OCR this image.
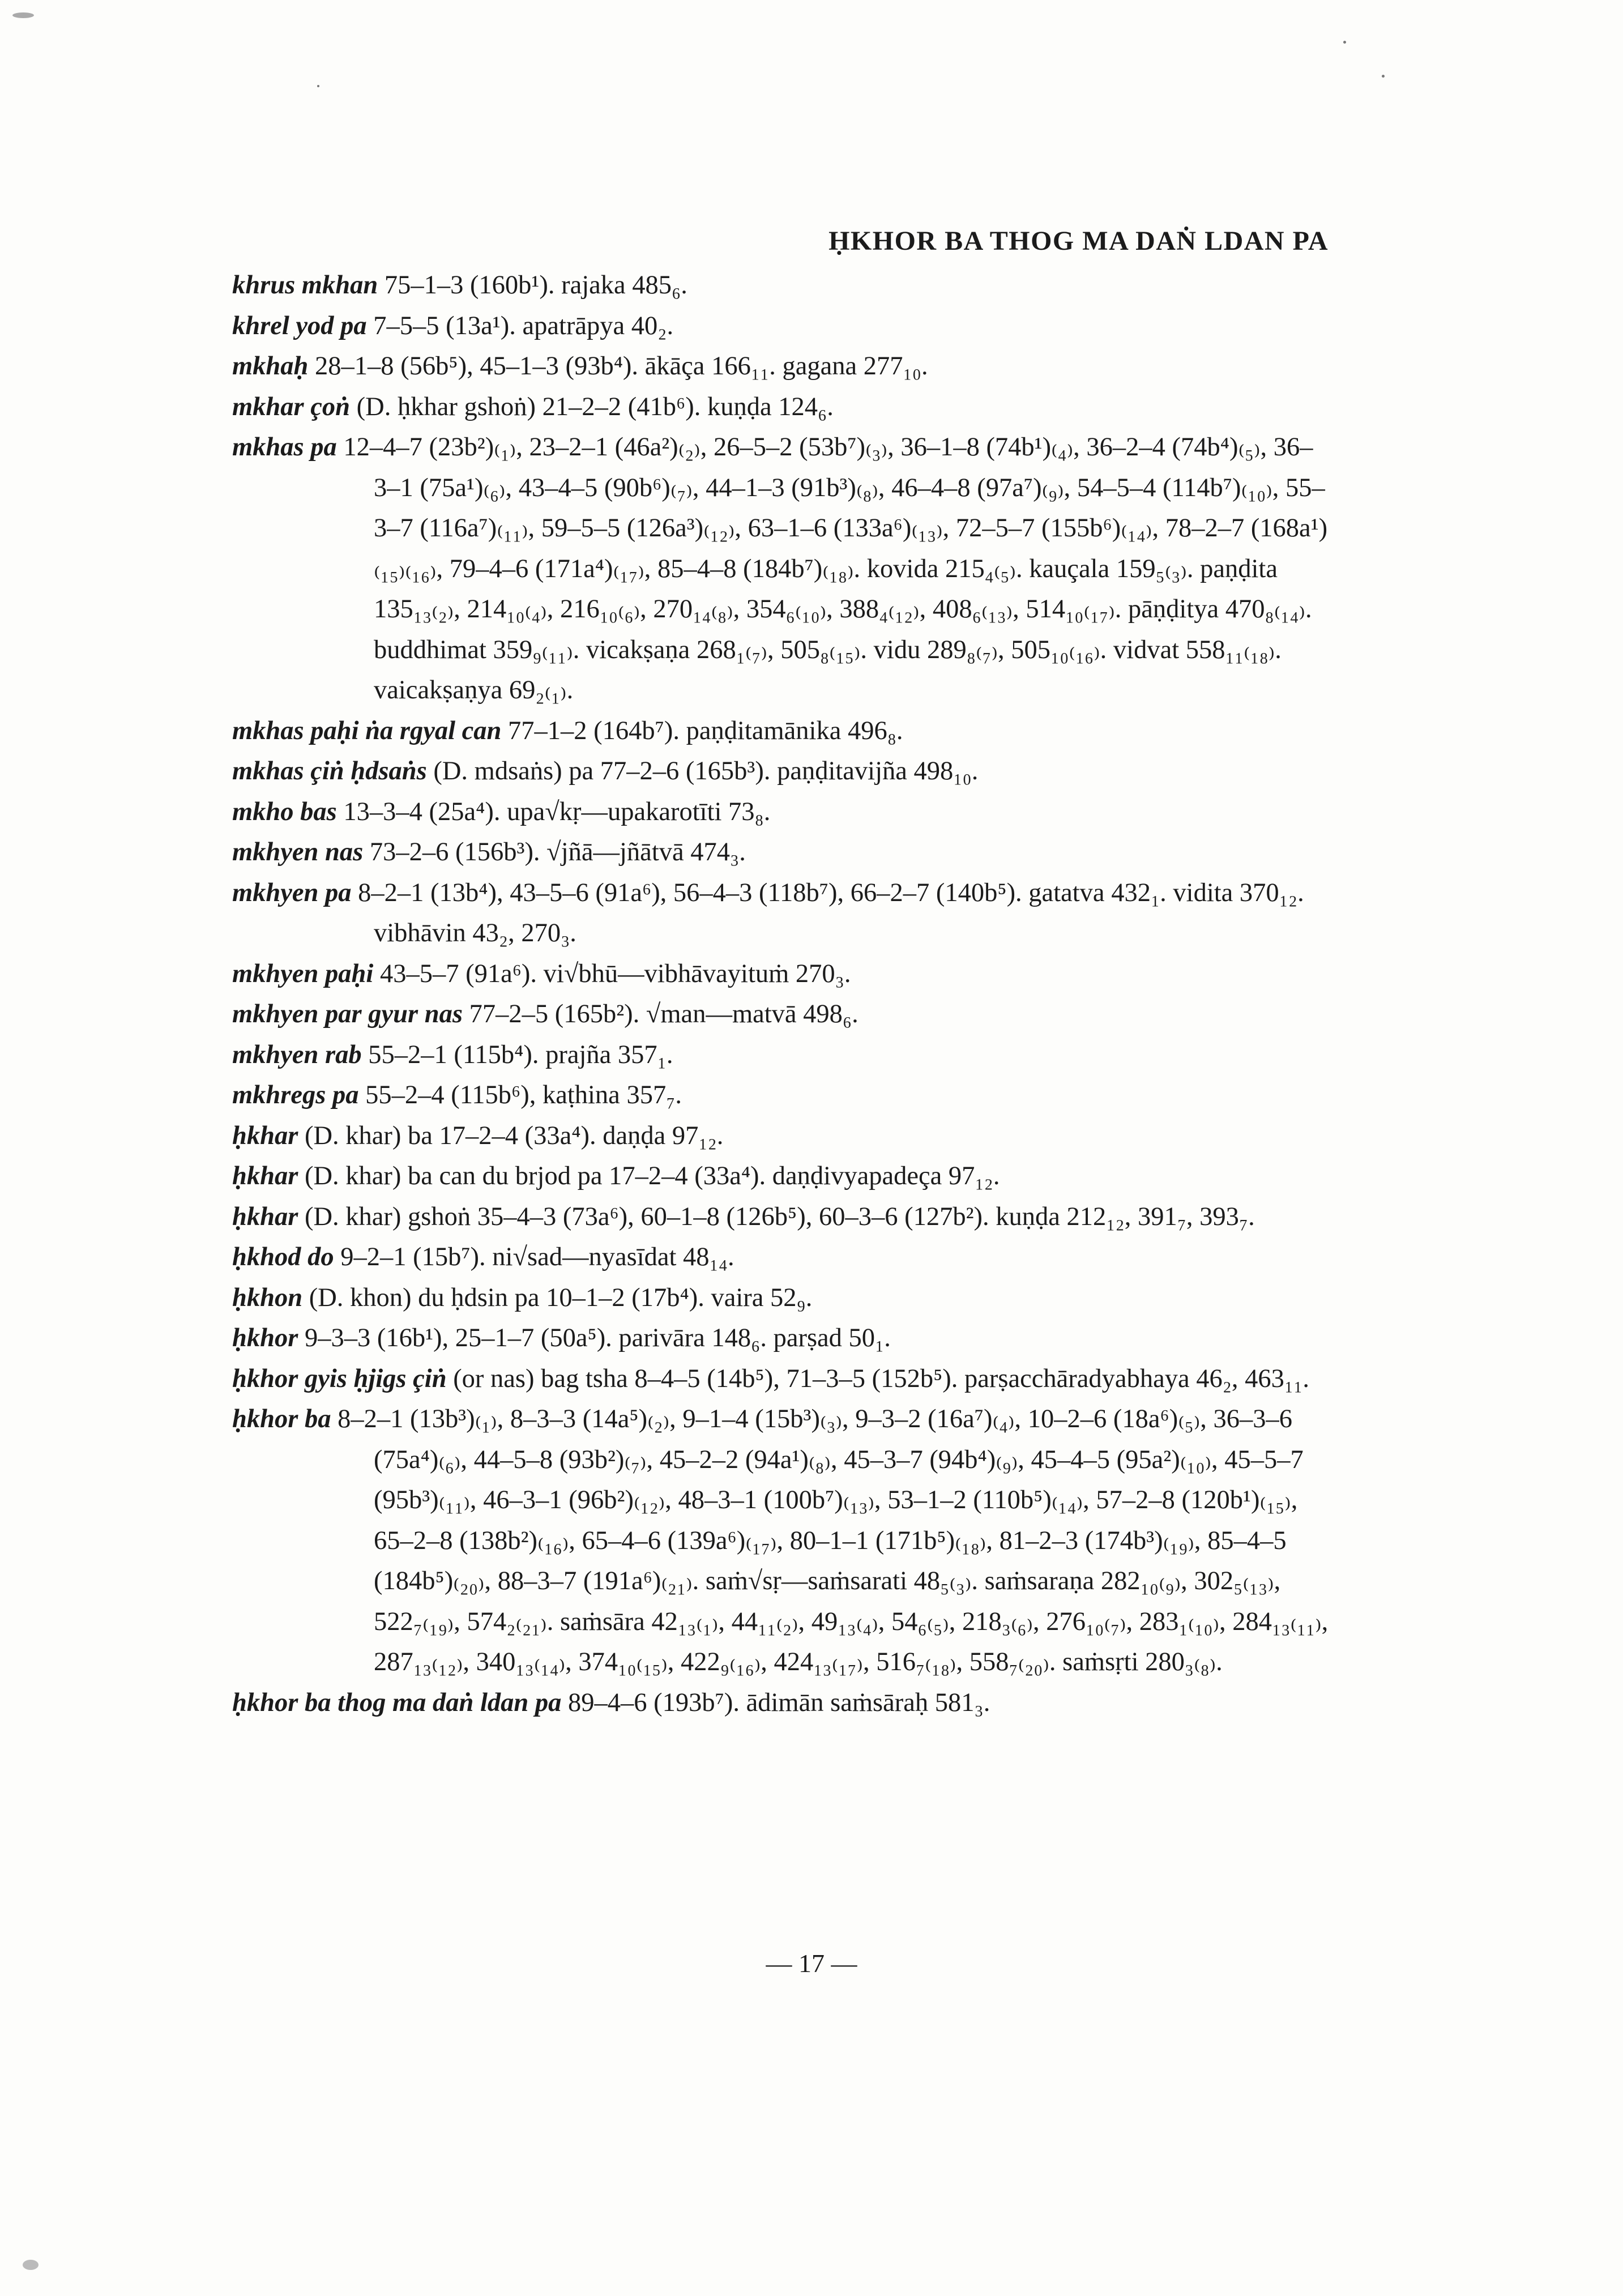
ḤKHOR BA THOG MA DAṄ LDAN PA

khrus mkhan 75–1–3 (160b¹). rajaka 485₆.

khrel yod pa 7–5–5 (13a¹). apatrāpya 40₂.

mkhaḥ 28–1–8 (56b⁵), 45–1–3 (93b⁴). ākāça 166₁₁. gagana 277₁₀.

mkhar çoṅ (D. ḥkhar gshoṅ) 21–2–2 (41b⁶). kuṇḍa 124₆.

mkhas pa 12–4–7 (23b²)₍₁₎, 23–2–1 (46a²)₍₂₎, 26–5–2 (53b⁷)₍₃₎, 36–1–8 (74b¹)₍₄₎, 36–2–4 (74b⁴)₍₅₎, 36–3–1 (75a¹)₍₆₎, 43–4–5 (90b⁶)₍₇₎, 44–1–3 (91b³)₍₈₎, 46–4–8 (97a⁷)₍₉₎, 54–5–4 (114b⁷)₍₁₀₎, 55–3–7 (116a⁷)₍₁₁₎, 59–5–5 (126a³)₍₁₂₎, 63–1–6 (133a⁶)₍₁₃₎, 72–5–7 (155b⁶)₍₁₄₎, 78–2–7 (168a¹)₍₁₅₎₍₁₆₎, 79–4–6 (171a⁴)₍₁₇₎, 85–4–8 (184b⁷)₍₁₈₎. kovida 215₄₍₅₎. kauçala 159₅₍₃₎. paṇḍita 135₁₃₍₂₎, 214₁₀₍₄₎, 216₁₀₍₆₎, 270₁₄₍₈₎, 354₆₍₁₀₎, 388₄₍₁₂₎, 408₆₍₁₃₎, 514₁₀₍₁₇₎. pāṇḍitya 470₈₍₁₄₎. buddhimat 359₉₍₁₁₎. vicakṣaṇa 268₁₍₇₎, 505₈₍₁₅₎. vidu 289₈₍₇₎, 505₁₀₍₁₆₎. vidvat 558₁₁₍₁₈₎. vaicakṣaṇya 69₂₍₁₎.

mkhas paḥi ṅa rgyal can 77–1–2 (164b⁷). paṇḍitamānika 496₈.

mkhas çiṅ ḥdsaṅs (D. mdsaṅs) pa 77–2–6 (165b³). paṇḍitavijña 498₁₀.

mkho bas 13–3–4 (25a⁴). upa√kṛ—upakarotīti 73₈.

mkhyen nas 73–2–6 (156b³). √jñā—jñātvā 474₃.

mkhyen pa 8–2–1 (13b⁴), 43–5–6 (91a⁶), 56–4–3 (118b⁷), 66–2–7 (140b⁵). gatatva 432₁. vidita 370₁₂. vibhāvin 43₂, 270₃.

mkhyen paḥi 43–5–7 (91a⁶). vi√bhū—vibhāvayituṁ 270₃.

mkhyen par gyur nas 77–2–5 (165b²). √man—matvā 498₆.

mkhyen rab 55–2–1 (115b⁴). prajña 357₁.

mkhregs pa 55–2–4 (115b⁶), kaṭhina 357₇.

ḥkhar (D. khar) ba 17–2–4 (33a⁴). daṇḍa 97₁₂.

ḥkhar (D. khar) ba can du brjod pa 17–2–4 (33a⁴). daṇḍivyapadeça 97₁₂.

ḥkhar (D. khar) gshoṅ 35–4–3 (73a⁶), 60–1–8 (126b⁵), 60–3–6 (127b²). kuṇḍa 212₁₂, 391₇, 393₇.

ḥkhod do 9–2–1 (15b⁷). ni√sad—nyasīdat 48₁₄.

ḥkhon (D. khon) du ḥdsin pa 10–1–2 (17b⁴). vaira 52₉.

ḥkhor 9–3–3 (16b¹), 25–1–7 (50a⁵). parivāra 148₆. parṣad 50₁.

ḥkhor gyis ḥjigs çiṅ (or nas) bag tsha 8–4–5 (14b⁵), 71–3–5 (152b⁵). parṣacchāradyabhaya 46₂, 463₁₁.

ḥkhor ba 8–2–1 (13b³)₍₁₎, 8–3–3 (14a⁵)₍₂₎, 9–1–4 (15b³)₍₃₎, 9–3–2 (16a⁷)₍₄₎, 10–2–6 (18a⁶)₍₅₎, 36–3–6 (75a⁴)₍₆₎, 44–5–8 (93b²)₍₇₎, 45–2–2 (94a¹)₍₈₎, 45–3–7 (94b⁴)₍₉₎, 45–4–5 (95a²)₍₁₀₎, 45–5–7 (95b³)₍₁₁₎, 46–3–1 (96b²)₍₁₂₎, 48–3–1 (100b⁷)₍₁₃₎, 53–1–2 (110b⁵)₍₁₄₎, 57–2–8 (120b¹)₍₁₅₎, 65–2–8 (138b²)₍₁₆₎, 65–4–6 (139a⁶)₍₁₇₎, 80–1–1 (171b⁵)₍₁₈₎, 81–2–3 (174b³)₍₁₉₎, 85–4–5 (184b⁵)₍₂₀₎, 88–3–7 (191a⁶)₍₂₁₎. saṁ√sṛ—saṁsarati 48₅₍₃₎. saṁsaraṇa 282₁₀₍₉₎, 302₅₍₁₃₎, 522₇₍₁₉₎, 574₂₍₂₁₎. saṁsāra 42₁₃₍₁₎, 44₁₁₍₂₎, 49₁₃₍₄₎, 54₆₍₅₎, 218₃₍₆₎, 276₁₀₍₇₎, 283₁₍₁₀₎, 284₁₃₍₁₁₎, 287₁₃₍₁₂₎, 340₁₃₍₁₄₎, 374₁₀₍₁₅₎, 422₉₍₁₆₎, 424₁₃₍₁₇₎, 516₇₍₁₈₎, 558₇₍₂₀₎. saṁsṛti 280₃₍₈₎.

ḥkhor ba thog ma daṅ ldan pa 89–4–6 (193b⁷). ādimān saṁsāraḥ 581₃.

— 17 —
